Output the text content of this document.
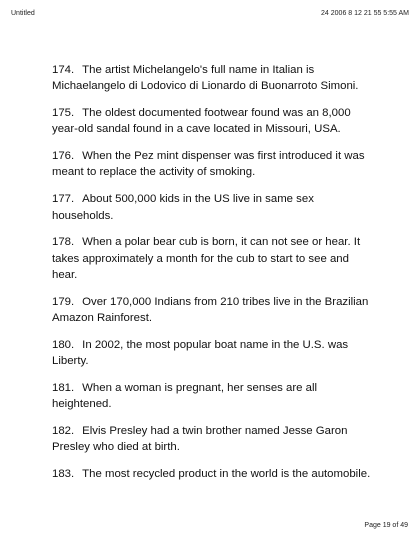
Untitled	24 2006 8 12 21 55 5:55 AM
174. The artist Michelangelo's full name in Italian is Michaelangelo di Lodovico di Lionardo di Buonarroto Simoni.
175. The oldest documented footwear found was an 8,000 year-old sandal found in a cave located in Missouri, USA.
176. When the Pez mint dispenser was first introduced it was meant to replace the activity of smoking.
177. About 500,000 kids in the US live in same sex households.
178. When a polar bear cub is born, it can not see or hear. It takes approximately a month for the cub to start to see and hear.
179. Over 170,000 Indians from 210 tribes live in the Brazilian Amazon Rainforest.
180. In 2002, the most popular boat name in the U.S. was Liberty.
181. When a woman is pregnant, her senses are all heightened.
182. Elvis Presley had a twin brother named Jesse Garon Presley who died at birth.
183. The most recycled product in the world is the automobile.
Page 19 of 49
